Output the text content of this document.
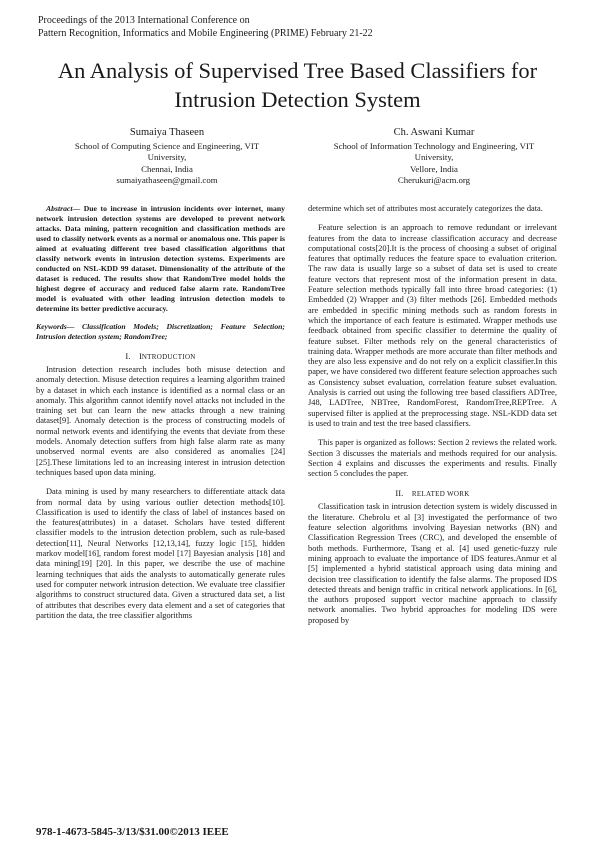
Proceedings of the 2013 International Conference on
Pattern Recognition, Informatics and Mobile Engineering (PRIME) February 21-22
An Analysis of Supervised Tree Based Classifiers for
Intrusion Detection System
Sumaiya Thaseen
School of Computing Science and Engineering, VIT
University,
Chennai, India
sumaiyathaseen@gmail.com
Ch. Aswani Kumar
School of Information Technology and Engineering, VIT
University,
Vellore, India
Cherukuri@acm.org

Abstract— Due to increase in intrusion incidents over internet, many network intrusion detection systems are developed to prevent network attacks. Data mining, pattern recognition and classification methods are used to classify network events as a normal or anomalous one. This paper is aimed at evaluating different tree based classification algorithms that classify network events in intrusion detection systems. Experiments are conducted on NSL-KDD 99 dataset. Dimensionality of the attribute of the dataset is reduced. The results show that RandomTree model holds the highest degree of accuracy and reduced false alarm rate. RandomTree model is evaluated with other leading intrusion detection models to determine its better predictive accuracy.

Keywords— Classification Models; Discretization; Feature Selection; Intrusion detection system; RandomTree;

I. INTRODUCTION

Intrusion detection research includes both misuse detection and anomaly detection. Misuse detection requires a learning algorithm trained by a dataset in which each instance is identified as a normal class or an anomaly. This algorithm cannot identify novel attacks not included in the training set but can learn the new attacks through a new training dataset[9]. Anomaly detection is the process of constructing models of normal network events and identifying the events that deviate from these models. Anomaly detection suffers from high false alarm rate as many unobserved normal events are also considered as anomalies [24] [25].These limitations led to an increasing interest in intrusion detection techniques based upon data mining.

Data mining is used by many researchers to differentiate attack data from normal data by using various outlier detection methods[10]. Classification is used to identify the class of label of instances based on the features(attributes) in a dataset. Scholars have tested different classifier models to the intrusion detection problem, such as rule-based detection[11], Neural Networks [12,13,14], fuzzy logic [15], hidden markov model[16], random forest model [17] Bayesian analysis [18] and data mining[19] [20]. In this paper, we describe the use of machine learning techniques that aids the analysts to automatically generate rules used for computer network intrusion detection. We evaluate tree classifier algorithms to construct structured data. Given a structured data set, a list of attributes that describes every data element and a set of categories that partition the data, the tree classifier algorithms

determine which set of attributes most accurately categorizes the data.

Feature selection is an approach to remove redundant or irrelevant features from the data to increase classification accuracy and decrease computational costs[20].It is the process of choosing a subset of original features that optimally reduces the feature space to evaluation criterion. The raw data is usually large so a subset of data set is used to create feature vectors that represent most of the information present in data. Feature selection methods typically fall into three broad categories: (1) Embedded (2) Wrapper and (3) filter methods [26]. Embedded methods are embedded in specific mining methods such as random forests in which the importance of each feature is estimated. Wrapper methods use feedback obtained from specific classifier to determine the quality of feature subset. Filter methods rely on the general characteristics of training data. Wrapper methods are more accurate than filter methods and they are also less expensive and do not rely on a explicit classifier.In this paper, we have considered two different feature selection approaches such as Consistency subset evaluation, correlation feature subset evaluation. Analysis is carried out using the following tree based classifiers ADTree, J48, LADTree, NBTree, RandomForest, RandomTree,REPTree. A supervised filter is applied at the preprocessing stage. NSL-KDD data set is used to train and test the tree based classifiers.

This paper is organized as follows: Section 2 reviews the related work. Section 3 discusses the materials and methods required for our analysis. Section 4 explains and discusses the experiments and results. Finally section 5 concludes the paper.

II. RELATED WORK

Classification task in intrusion detection system is widely discussed in the literature. Chebrolu et al [3] investigated the performance of two feature selection algorithms involving Bayesian networks (BN) and Classification Regression Trees (CRC), and developed the ensemble of both methods. Furthermore, Tsang et al. [4] used genetic-fuzzy rule mining approach to evaluate the importance of IDS features.Anmur et al [5] implemented a hybrid statistical approach using data mining and decision tree classification to identify the false alarms. The proposed IDS detected threats and benign traffic in critical network applications. In [6], the authors proposed support vector machine approach to classify network anomalies. Two hybrid approaches for modeling IDS were proposed by

978-1-4673-5845-3/13/$31.00©2013 IEEE
